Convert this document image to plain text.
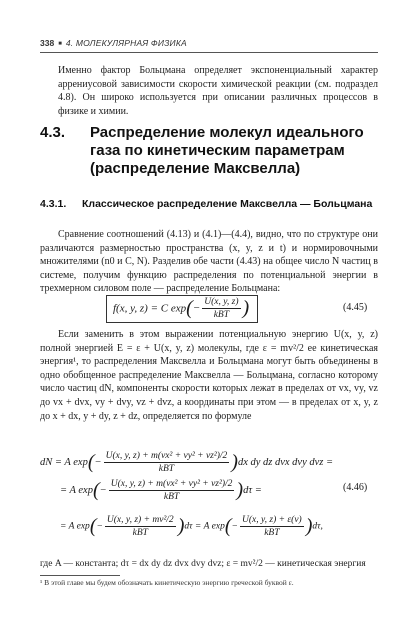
338 ■ 4. МОЛЕКУЛЯРНАЯ ФИЗИКА
Именно фактор Больцмана определяет экспоненциальный характер аррениусовой зависимости скорости химической реакции (см. подраздел 4.8). Он широко используется при описании различных процессов в физике и химии.
4.3. Распределение молекул идеального газа по кинетическим параметрам (распределение Максвелла)
4.3.1. Классическое распределение Максвелла — Больцмана
Сравнение соотношений (4.13) и (4.1)—(4.4), видно, что по структуре они различаются размерностью пространства (x, y, z и t) и нормировочными множителями (n0 и C, N). Разделив обе части (4.43) на общее число N частиц в системе, получим функцию распределения по потенциальной энергии в трехмерном силовом поле — распределение Больцмана:
f(x, y, z) = C $\exp(- \frac{U(x, y, z)}{\text{kBT}}$ )	(4.45)
Если заменить в этом выражении потенциальную энергию U(x, y, z) полной энергией E = ε + U(x, y, z) молекулы, где ε = mv²/2 ее кинетическая энергия¹, то распределения Максвелла и Больцмана могут быть объединены в одно обобщенное распределение Максвелла — Больцмана, согласно которому число частиц dN, компоненты скорости которых лежат в пределах от vx, vy, vz до vx + dvx, vy + dvy, vz + dvz, а координаты при этом — в пределах от x, y, z до x + dx, y + dy, z + dz, определяется по формуле
dN = A $\exp(- \frac{\text{U(x, y, z) + m(vx² + vy² + vz²)/2}}{\text{kBT}} )dx$ dy dz dvx dvy dvz =
= A $\exp(- \frac{\text{U(x, y, z) + m(vx² + vy² + vz²)/2}}{\text{kBT}} )d\tau$ =	(4.46)
= A $\exp(- \frac{\text{U(x, y, z) + mv²/2}}{\text{kBT}} )d\tau = A$ $\exp(- \frac{U(x, y, z) + \varepsilon(v)}{\text{kBT}} )d\tau$,
где A — константа; dτ = dx dy dz dvx dvy dvz; ε = mv²/2 — кинетическая энергия
¹ В этой главе мы будем обозначать кинетическую энергию греческой буквой ε.
